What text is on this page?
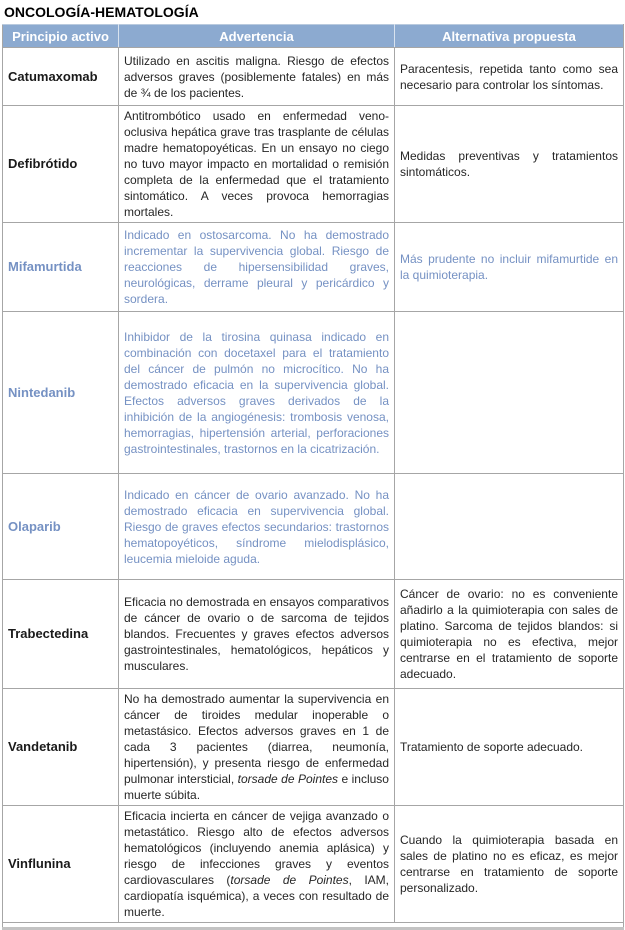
ONCOLOGÍA-HEMATOLOGÍA
Principio activo	Advertencia	Alternativa propuesta
Catumaxomab	Utilizado en ascitis maligna. Riesgo de efectos adversos graves (posiblemente fatales) en más de ¾ de los pacientes.	Paracentesis, repetida tanto como sea necesario para controlar los síntomas.
Defibrótido	Antitrombótico usado en enfermedad veno-oclusiva hepática grave tras trasplante de células madre hematopoyéticas. En un ensayo no ciego no tuvo mayor impacto en mortalidad o remisión completa de la enfermedad que el tratamiento sintomático. A veces provoca hemorragias mortales.	Medidas preventivas y tratamientos sintomáticos.
Mifamurtida	Indicado en ostosarcoma. No ha demostrado incrementar la supervivencia global. Riesgo de reacciones de hipersensibilidad graves, neurológicas, derrame pleural y pericárdico y sordera.	Más prudente no incluir mifamurtide en la quimioterapia.
Nintedanib	Inhibidor de la tirosina quinasa indicado en combinación con docetaxel para el tratamiento del cáncer de pulmón no microcítico. No ha demostrado eficacia en la supervivencia global. Efectos adversos graves derivados de la inhibición de la angiogénesis: trombosis venosa, hemorragias, hipertensión arterial, perforaciones gastrointestinales, trastornos en la cicatrización.	
Olaparib	Indicado en cáncer de ovario avanzado. No ha demostrado eficacia en supervivencia global. Riesgo de graves efectos secundarios: trastornos hematopoyéticos, síndrome mielodisplásico, leucemia mieloide aguda.	
Trabectedina	Eficacia no demostrada en ensayos comparativos de cáncer de ovario o de sarcoma de tejidos blandos. Frecuentes y graves efectos adversos gastrointestinales, hematológicos, hepáticos y musculares.	Cáncer de ovario: no es conveniente añadirlo a la quimioterapia con sales de platino. Sarcoma de tejidos blandos: si quimioterapia no es efectiva, mejor centrarse en el tratamiento de soporte adecuado.
Vandetanib	No ha demostrado aumentar la supervivencia en cáncer de tiroides medular inoperable o metastásico. Efectos adversos graves en 1 de cada 3 pacientes (diarrea, neumonía, hipertensión), y presenta riesgo de enfermedad pulmonar intersticial, torsade de Pointes e incluso muerte súbita.	Tratamiento de soporte adecuado.
Vinflunina	Eficacia incierta en cáncer de vejiga avanzado o metastático. Riesgo alto de efectos adversos hematológicos (incluyendo anemia aplásica) y riesgo de infecciones graves y eventos cardiovasculares (torsade de Pointes, IAM, cardiopatía isquémica), a veces con resultado de muerte.	Cuando la quimioterapia basada en sales de platino no es eficaz, es mejor centrarse en tratamiento de soporte personalizado.
